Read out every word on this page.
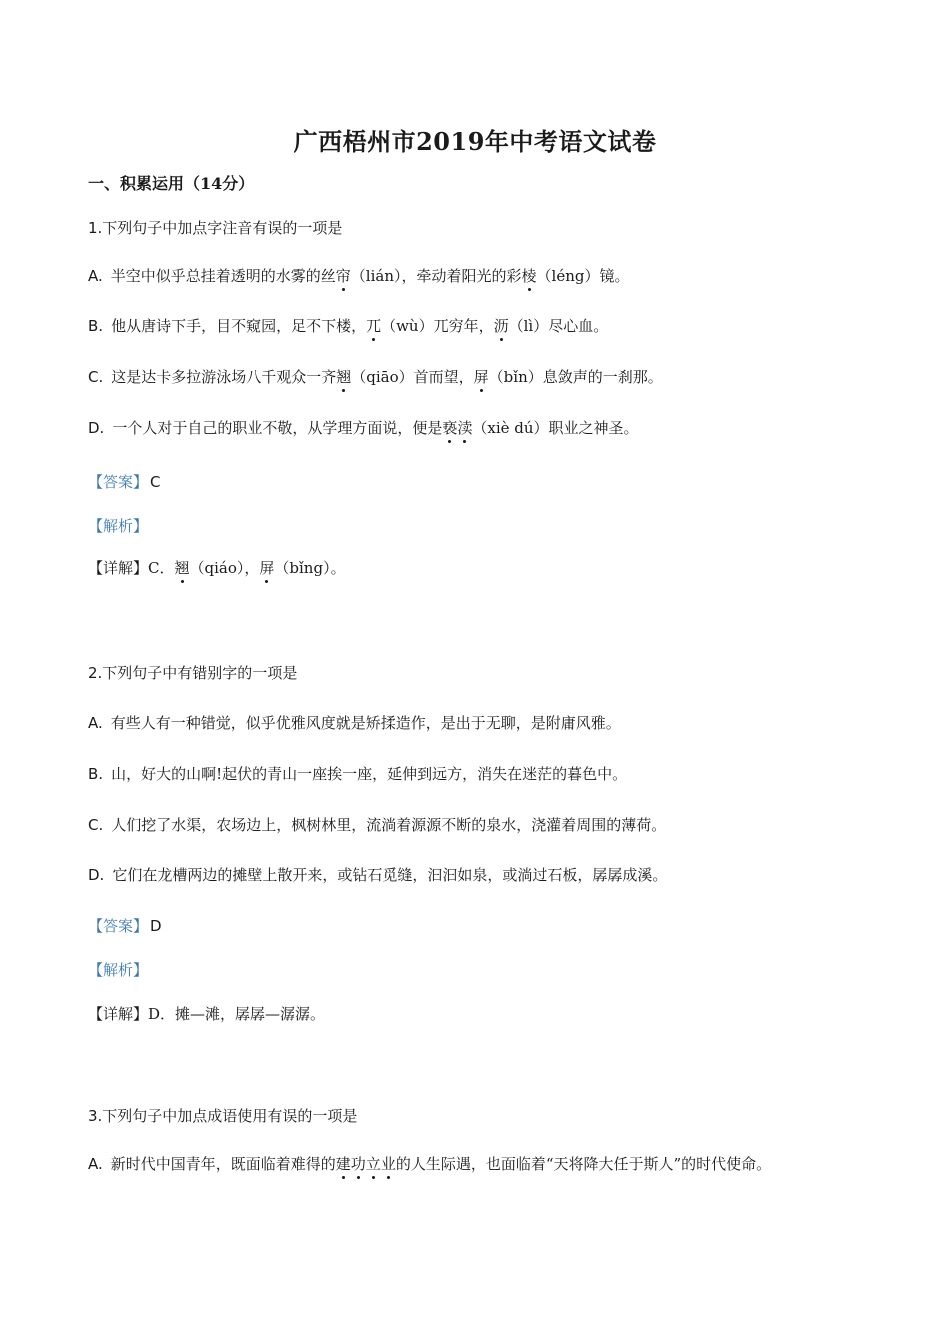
广西梧州市2019年中考语文试卷
一、积累运用（14分）
1.下列句子中加点字注音有误的一项是
A. 半空中似乎总挂着透明的水雾的丝帘（lián），牵动着阳光的彩棱（léng）镜。
B. 他从唐诗下手，目不窥园，足不下楼，兀（wù）兀穷年，沥（lì）尽心血。
C. 这是达卡多拉游泳场八千观众一齐翘（qiāo）首而望，屏（bǐn）息敛声的一刹那。
D. 一个人对于自己的职业不敬，从学理方面说，便是亵渎（xiè dú）职业之神圣。
【答案】 C
【解析】
【详解】C．翘（qiáo），屏（bǐng）。
2.下列句子中有错别字的一项是
A. 有些人有一种错觉，似乎优雅风度就是矫揉造作，是出于无聊，是附庸风雅。
B. 山，好大的山啊!起伏的青山一座挨一座，延伸到远方，消失在迷茫的暮色中。
C. 人们挖了水渠，农场边上，枫树林里，流淌着源源不断的泉水，浇灌着周围的薄荷。
D. 它们在龙槽两边的摊壁上散开来，或钻石觅缝，汩汩如泉，或淌过石板，孱孱成溪。
【答案】 D
【解析】
【详解】D．摊—滩，孱孱—潺潺。
3.下列句子中加点成语使用有误的一项是
A. 新时代中国青年，既面临着难得的建功立业的人生际遇，也面临着“天将降大任于斯人”的时代使命。
